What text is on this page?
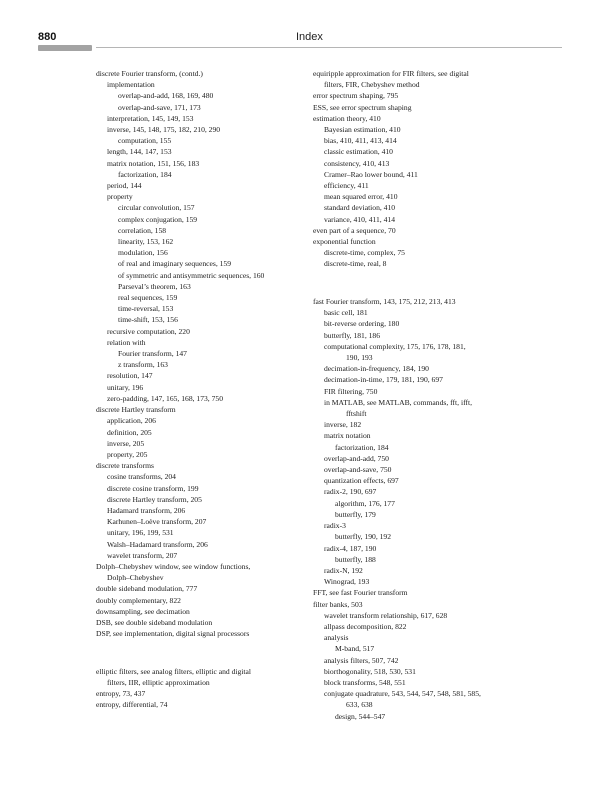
880	Index

discrete Fourier transform, (contd.)

implementation

overlap-and-add, 168, 169, 480

overlap-and-save, 171, 173

interpretation, 145, 149, 153

inverse, 145, 148, 175, 182, 210, 290

computation, 155

length, 144, 147, 153

matrix notation, 151, 156, 183

factorization, 184

period, 144

property

circular convolution, 157

complex conjugation, 159

correlation, 158

linearity, 153, 162

modulation, 156

of real and imaginary sequences, 159

of symmetric and antisymmetric sequences, 160

Parseval’s theorem, 163

real sequences, 159

time-reversal, 153

time-shift, 153, 156

recursive computation, 220

relation with

Fourier transform, 147

z transform, 163

resolution, 147

unitary, 196

zero-padding, 147, 165, 168, 173, 750

discrete Hartley transform

application, 206

definition, 205

inverse, 205

property, 205

discrete transforms

cosine transforms, 204

discrete cosine transform, 199

discrete Hartley transform, 205

Hadamard transform, 206

Karhunen–Loève transform, 207

unitary, 196, 199, 531

Walsh–Hadamard transform, 206

wavelet transform, 207

Dolph–Chebyshev window, see window functions,

Dolph–Chebyshev

double sideband modulation, 777

doubly complementary, 822

downsampling, see decimation

DSB, see double sideband modulation

DSP, see implementation, digital signal processors

elliptic filters, see analog filters, elliptic and digital

filters, IIR, elliptic approximation

entropy, 73, 437

entropy, differential, 74

equiripple approximation for FIR filters, see digital

filters, FIR, Chebyshev method

error spectrum shaping, 795

ESS, see error spectrum shaping

estimation theory, 410

Bayesian estimation, 410

bias, 410, 411, 413, 414

classic estimation, 410

consistency, 410, 413

Cramer–Rao lower bound, 411

efficiency, 411

mean squared error, 410

standard deviation, 410

variance, 410, 411, 414

even part of a sequence, 70

exponential function

discrete-time, complex, 75

discrete-time, real, 8

fast Fourier transform, 143, 175, 212, 213, 413

basic cell, 181

bit-reverse ordering, 180

butterfly, 181, 186

computational complexity, 175, 176, 178, 181,

190, 193

decimation-in-frequency, 184, 190

decimation-in-time, 179, 181, 190, 697

FIR filtering, 750

in MATLAB, see MATLAB, commands, fft, ifft,

fftshift

inverse, 182

matrix notation

factorization, 184

overlap-and-add, 750

overlap-and-save, 750

quantization effects, 697

radix-2, 190, 697

algorithm, 176, 177

butterfly, 179

radix-3

butterfly, 190, 192

radix-4, 187, 190

butterfly, 188

radix-N, 192

Winograd, 193

FFT, see fast Fourier transform

filter banks, 503

wavelet transform relationship, 617, 628

allpass decomposition, 822

analysis

M-band, 517

analysis filters, 507, 742

biorthogonality, 518, 530, 531

block transforms, 548, 551

conjugate quadrature, 543, 544, 547, 548, 581, 585,

633, 638

design, 544–547
